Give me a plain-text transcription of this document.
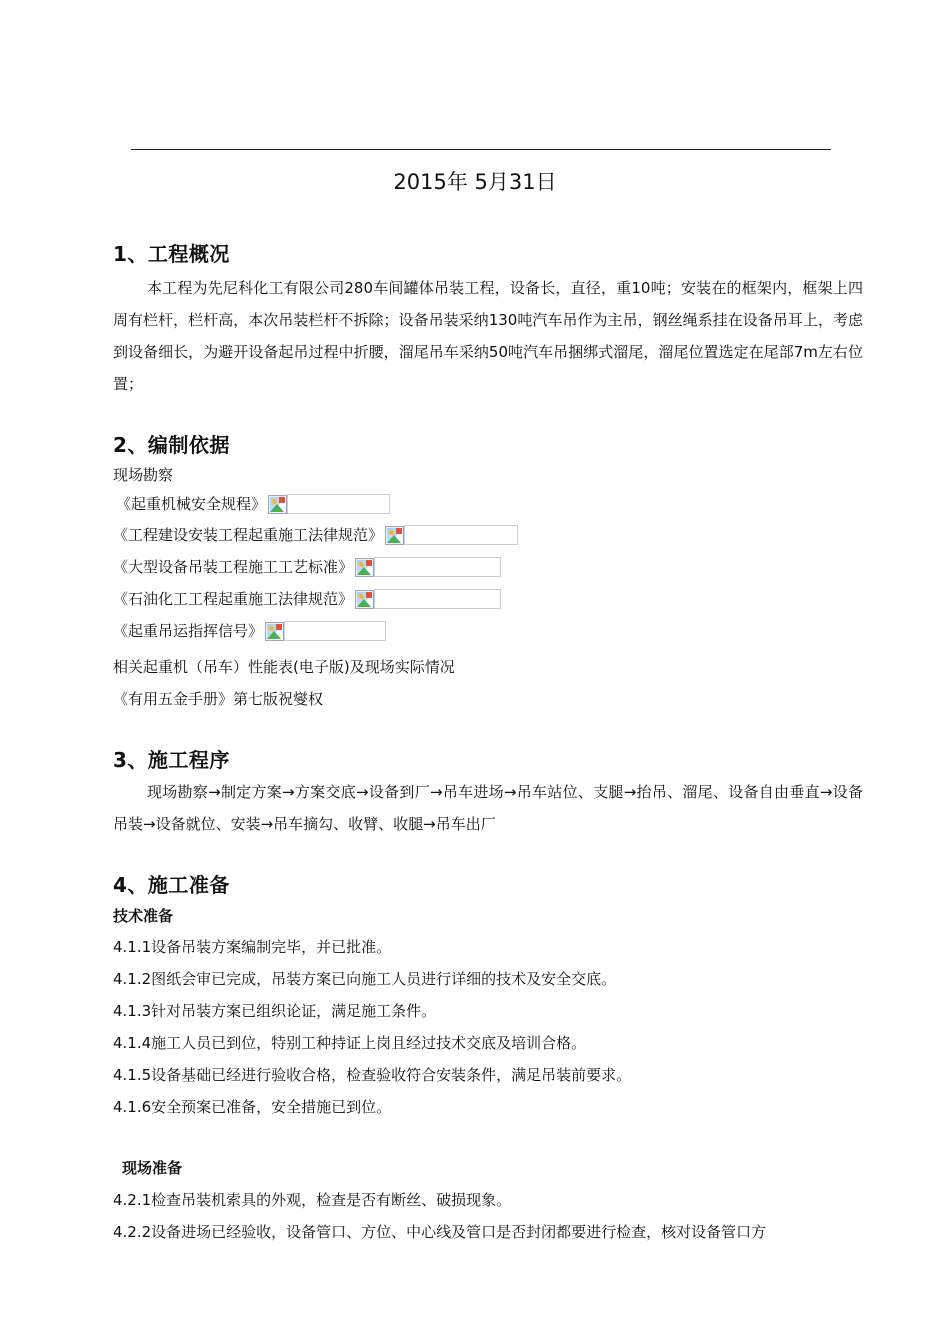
2015年 5月31日
1、工程概况
本工程为先尼科化工有限公司280车间罐体吊装工程，设备长，直径，重10吨；安装在的框架内，框架上四周有栏杆，栏杆高，本次吊装栏杆不拆除；设备吊装采纳130吨汽车吊作为主吊，钢丝绳系挂在设备吊耳上，考虑到设备细长，为避开设备起吊过程中折腰，溜尾吊车采纳50吨汽车吊捆绑式溜尾，溜尾位置选定在尾部7m左右位置；
2、编制依据
现场勘察
《起重机械安全规程》
《工程建设安装工程起重施工法律规范》
《大型设备吊装工程施工工艺标准》
《石油化工工程起重施工法律规范》
《起重吊运指挥信号》
相关起重机（吊车）性能表(电子版)及现场实际情况
《有用五金手册》第七版祝燮权
3、施工程序
现场勘察→制定方案→方案交底→设备到厂→吊车进场→吊车站位、支腿→抬吊、溜尾、设备自由垂直→设备吊装→设备就位、安装→吊车摘勾、收臂、收腿→吊车出厂
4、施工准备
技术准备
4.1.1设备吊装方案编制完毕，并已批准。
4.1.2图纸会审已完成，吊装方案已向施工人员进行详细的技术及安全交底。
4.1.3针对吊装方案已组织论证，满足施工条件。
4.1.4施工人员已到位，特别工种持证上岗且经过技术交底及培训合格。
4.1.5设备基础已经进行验收合格，检查验收符合安装条件，满足吊装前要求。
4.1.6安全预案已准备，安全措施已到位。
现场准备
4.2.1检查吊装机索具的外观，检查是否有断丝、破损现象。
4.2.2设备进场已经验收，设备管口、方位、中心线及管口是否封闭都要进行检查，核对设备管口方
